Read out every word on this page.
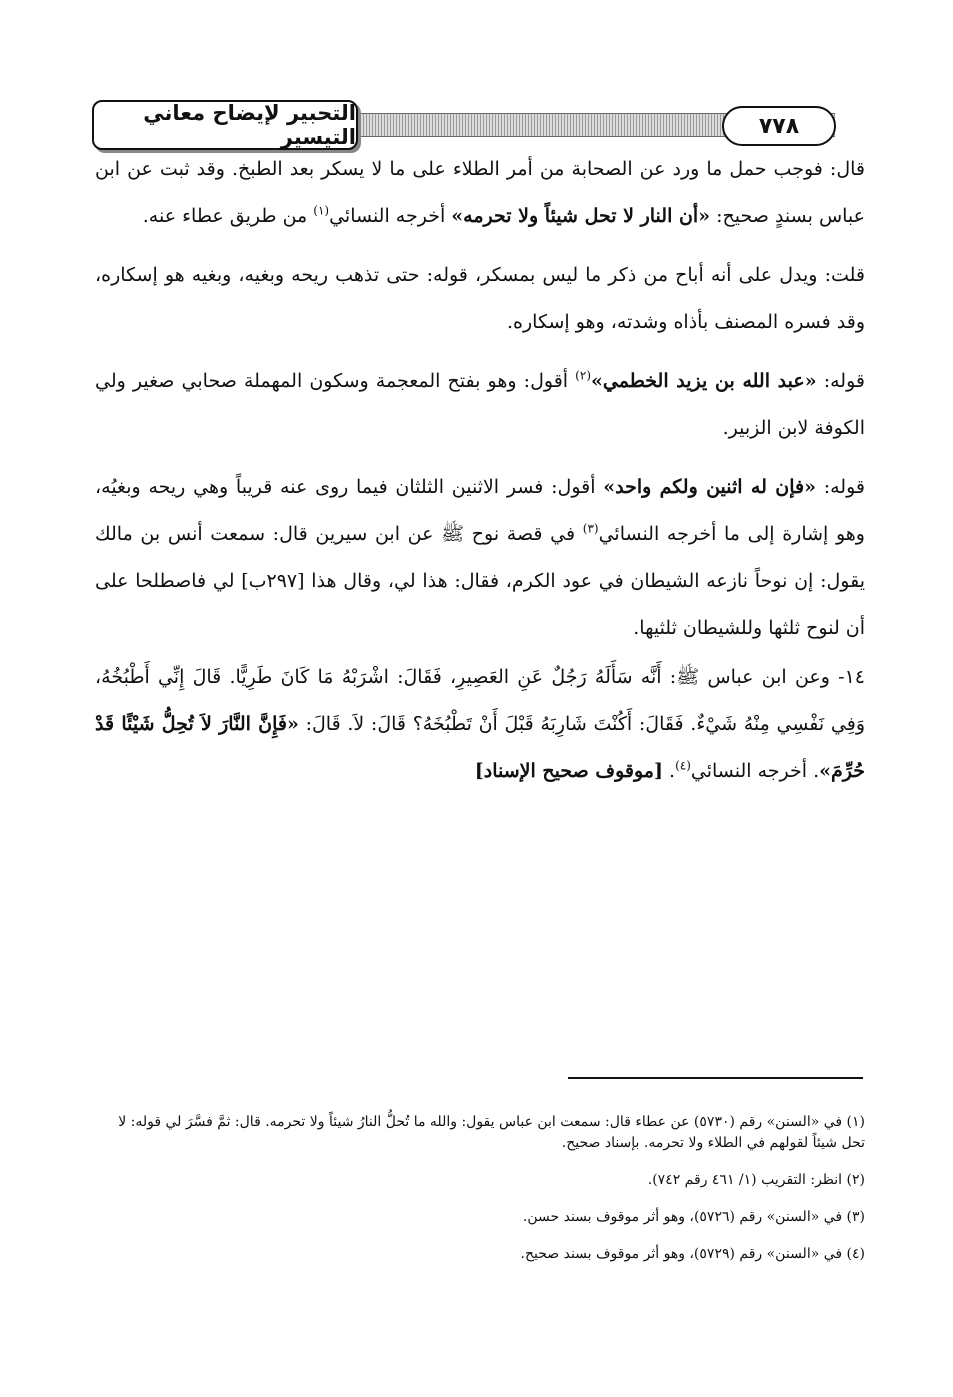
التحبير لإيضاح معاني التيسير	٧٧٨

قال: فوجب حمل ما ورد عن الصحابة من أمر الطلاء على ما لا يسكر بعد الطبخ. وقد ثبت عن ابن عباس بسندٍ صحيح: «أن النار لا تحل شيئاً ولا تحرمه» أخرجه النسائي$^{(١)}$ من طريق عطاء عنه.

قلت: ويدل على أنه أباح من ذكر ما ليس بمسكر، قوله: حتى تذهب ريحه وبغيه، وبغيه هو إسكاره، وقد فسره المصنف بأذاه وشدته، وهو إسكاره.

قوله: «عبد الله بن يزيد الخطمي»$^{(٢)}$ أقول: وهو بفتح المعجمة وسكون المهملة صحابي صغير ولي الكوفة لابن الزبير.

قوله: «فإن له اثنين ولكم واحد» أقول: فسر الاثنين الثلثان فيما روى عنه قريباً وهي ريحه وبغيُه، وهو إشارة إلى ما أخرجه النسائي$^{(٣)}$ في قصة نوح ﷺ عن ابن سيرين قال: سمعت أنس بن مالك يقول: إن نوحاً نازعه الشيطان في عود الكرم، فقال: هذا لي، وقال هذا [٢٩٧ب] لي فاصطلحا على أن لنوح ثلثها وللشيطان ثلثيها.

١٤- وعن ابن عباس ﷺ: أَنَّه سَأَلَهُ رَجُلٌ عَنِ العَصِيرِ، فَقَالَ: اشْرَبْهُ مَا كَانَ طَرِيًّا. قَالَ إِنِّي أَطْبُخُهُ، وَفِي نَفْسِي مِنْهُ شَيْءٌ. فَقَالَ: أَكُنْتَ شَارِبَهُ قَبْلَ أَنْ تَطْبُخَهُ؟ قَالَ: لاَ. قَالَ: «فَإِنَّ النَّارَ لاَ تُحِلُّ شَيْئًا قَدْ حُرِّمَ». أخرجه النسائي$^{(٤)}$. [موقوف صحيح الإسناد]

(١) في «السنن» رقم (٥٧٣٠) عن عطاء قال: سمعت ابن عباس يقول: والله ما تُحلُّ النارُ شيئاً ولا تحرمه. قال: ثمَّ فسَّرَ لي قوله: لا تحل شيئاً لقولهم في الطلاء ولا تحرمه. بإسناد صحيح.

(٢) انظر: التقريب (١/ ٤٦١ رقم ٧٤٢).

(٣) في «السنن» رقم (٥٧٢٦)، وهو أثر موقوف بسند حسن.

(٤) في «السنن» رقم (٥٧٢٩)، وهو أثر موقوف بسند صحيح.
